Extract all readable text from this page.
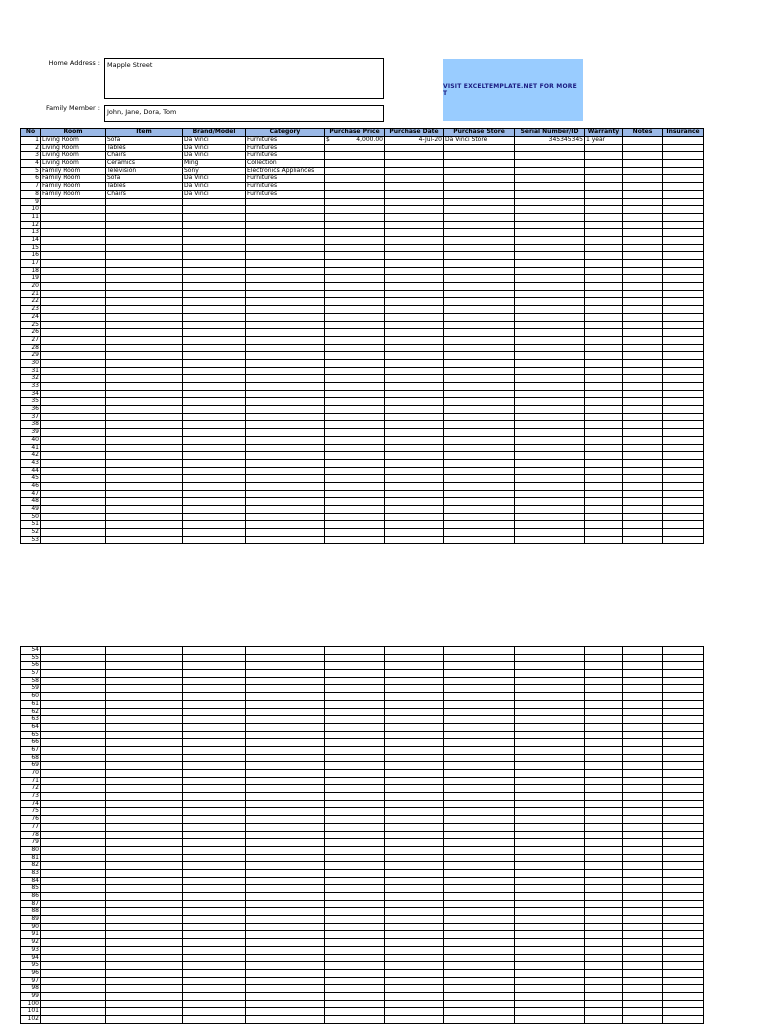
Home Address :	Mapple Street
Family Member :	John, Jane, Dora, Tom
VISIT EXCELTEMPLATE.NET FOR MORE T
No	Room	Item	Brand/Model	Category	Purchase Price	Purchase Date	Purchase Store	Serial Number/ID	Warranty	Notes	Insurance
1	Living Room	Sofa	Da Vinci	Furnitures	$ 4,000.00	4-Jul-20	Da Vinci Store	345345345	1 year		
2	Living Room	Tables	Da Vinci	Furnitures	

3	Living Room	Chairs	Da Vinci	Furnitures	

4	Living Room	Ceramics	Ming	Collection	

5	Family Room	Television	Sony	Electronics Appliances	

6	Family Room	Sofa	Da Vinci	Furnitures	

7	Family Room	Tables	Da Vinci	Furnitures	

8	Family Room	Chairs	Da Vinci	Furnitures	

9											
10											
11											
12											
13											
14											
15											
16											
17											
18											
19											
20											
21											
22											
23											
24											
25											
26											
27											
28											
29											
30											
31											
32											
33											
34											
35											
36											
37											
38											
39											
40											
41											
42											
43											
44											
45											
46											
47											
48											
49											
50											
51											
52											
53											
54											
55											
56											
57											
58											
59											
60											
61											
62											
63											
64											
65											
66											
67											
68											
69											
70											
71											
72											
73											
74											
75											
76											
77											
78											
79											
80											
81											
82											
83											
84											
85											
86											
87											
88											
89											
90											
91											
92											
93											
94											
95											
96											
97											
98											
99											
100											
101											
102											
